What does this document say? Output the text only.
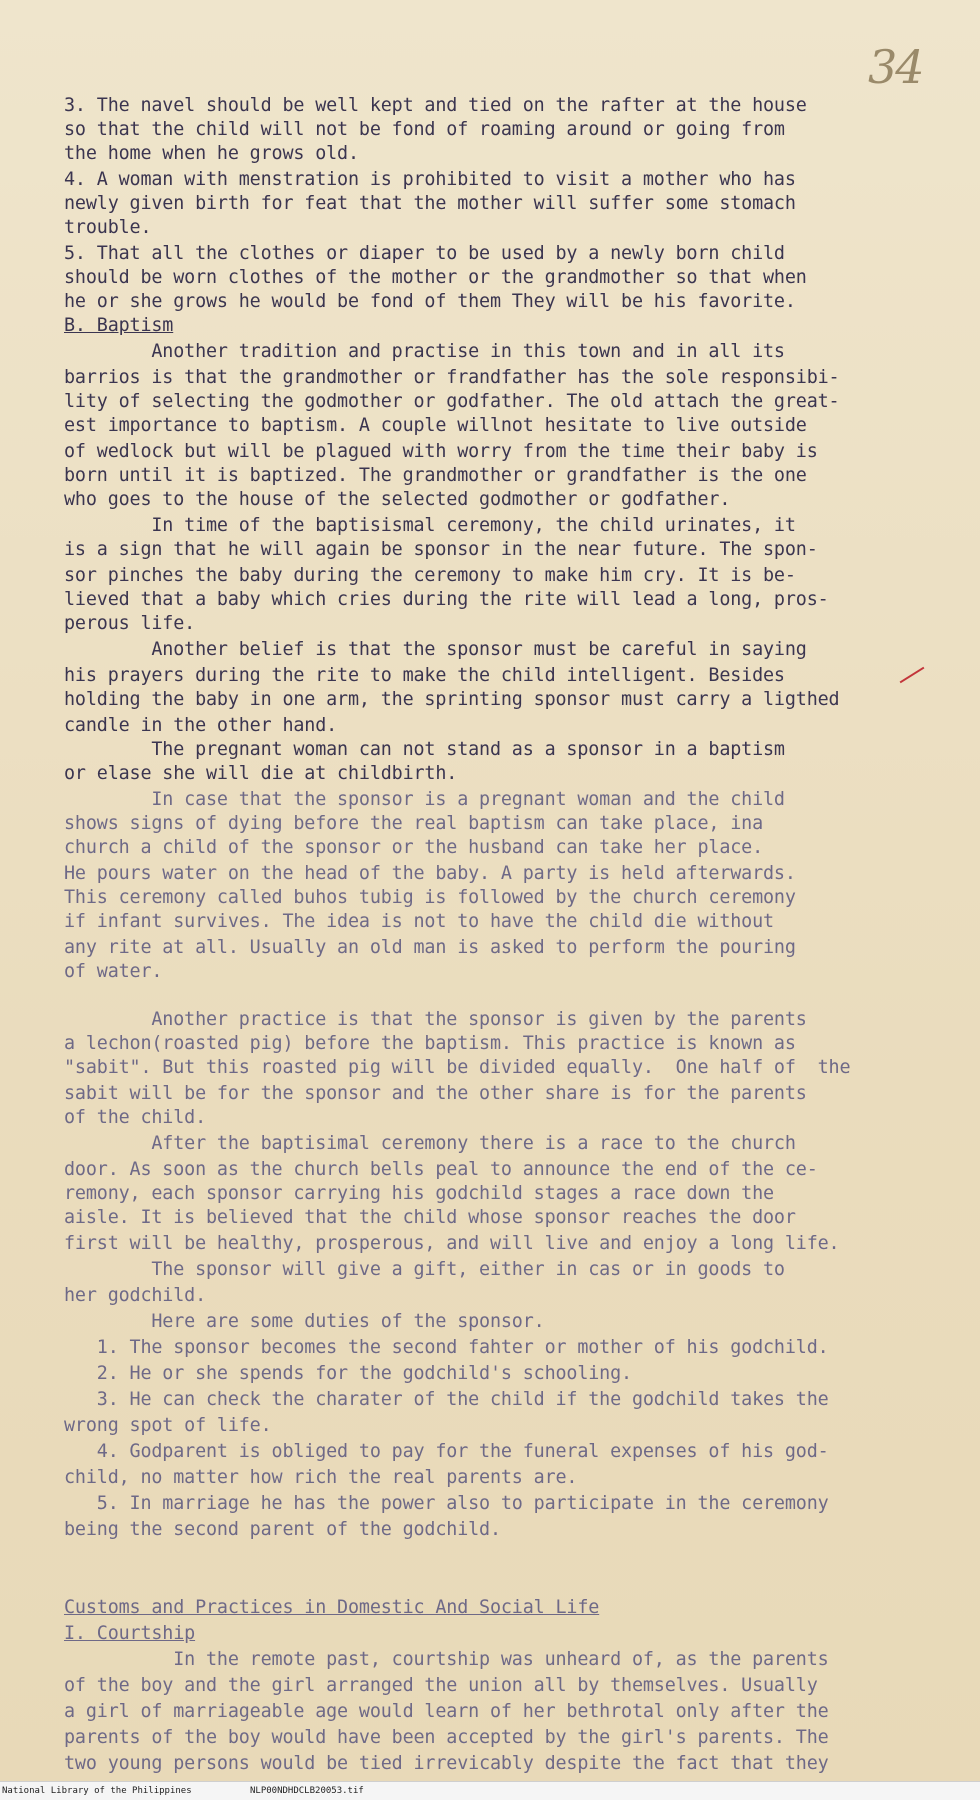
34
3. The navel should be well kept and tied on the rafter at the house
so that the child will not be fond of roaming around or going from
the home when he grows old.
4. A woman with menstration is prohibited to visit a mother who has
newly given birth for feat that the mother will suffer some stomach
trouble.
5. That all the clothes or diaper to be used by a newly born child
should be worn clothes of the mother or the grandmother so that when
he or she grows he would be fond of them They will be his favorite.
B. Baptism
Another tradition and practise in this town and in all its
barrios is that the grandmother or frandfather has the sole responsibi-
lity of selecting the godmother or godfather. The old attach the great-
est importance to baptism. A couple willnot hesitate to live outside
of wedlock but will be plagued with worry from the time their baby is
born until it is baptized. The grandmother or grandfather is the one
who goes to the house of the selected godmother or godfather.
In time of the baptisismal ceremony, the child urinates, it
is a sign that he will again be sponsor in the near future. The spon-
sor pinches the baby during the ceremony to make him cry. It is be-
lieved that a baby which cries during the rite will lead a long, pros-
perous life.
Another belief is that the sponsor must be careful in saying
his prayers during the rite to make the child intelligent. Besides
holding the baby in one arm, the sprinting sponsor must carry a ligthed
candle in the other hand.
The pregnant woman can not stand as a sponsor in a baptism
or elase she will die at childbirth.
In case that the sponsor is a pregnant woman and the child
shows signs of dying before the real baptism can take place, ina
church a child of the sponsor or the husband can take her place.
He pours water on the head of the baby. A party is held afterwards.
This ceremony called buhos tubig is followed by the church ceremony
if infant survives. The idea is not to have the child die without
any rite at all. Usually an old man is asked to perform the pouring
of water.
Another practice is that the sponsor is given by the parents
a lechon(roasted pig) before the baptism. This practice is known as
"sabit". But this roasted pig will be divided equally.  One half of  the
sabit will be for the sponsor and the other share is for the parents
of the child.
After the baptisimal ceremony there is a race to the church
door. As soon as the church bells peal to announce the end of the ce-
remony, each sponsor carrying his godchild stages a race down the
aisle. It is believed that the child whose sponsor reaches the door
first will be healthy, prosperous, and will live and enjoy a long life.
The sponsor will give a gift, either in cas or in goods to
her godchild.
Here are some duties of the sponsor.
1. The sponsor becomes the second fahter or mother of his godchild.
2. He or she spends for the godchild's schooling.
3. He can check the charater of the child if the godchild takes the
wrong spot of life.
4. Godparent is obliged to pay for the funeral expenses of his god-
child, no matter how rich the real parents are.
5. In marriage he has the power also to participate in the ceremony
being the second parent of the godchild.
Customs and Practices in Domestic And Social Life
I. Courtship
In the remote past, courtship was unheard of, as the parents
of the boy and the girl arranged the union all by themselves. Usually
a girl of marriageable age would learn of her bethrotal only after the
parents of the boy would have been accepted by the girl's parents. The
two young persons would be tied irrevicably despite the fact that they
National Library of the Philippines	NLP00NDHDCLB20053.tif
